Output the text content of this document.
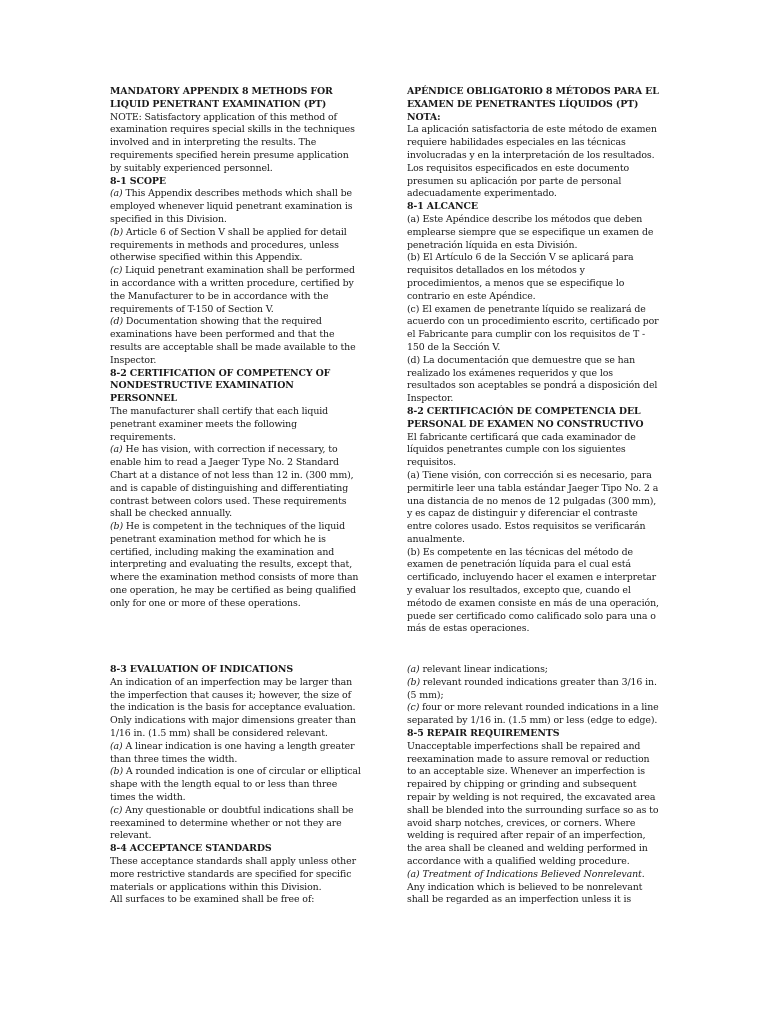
MANDATORY APPENDIX 8 METHODS FOR LIQUID PENETRANT EXAMINATION (PT)

NOTE: Satisfactory application of this method of examination requires special skills in the techniques involved and in interpreting the results. The requirements specified herein presume application by suitably experienced personnel.

8-1 SCOPE

(a) This Appendix describes methods which shall be employed whenever liquid penetrant examination is specified in this Division.

(b) Article 6 of Section V shall be applied for detail requirements in methods and procedures, unless otherwise specified within this Appendix.

(c) Liquid penetrant examination shall be performed in accordance with a written procedure, certified by the Manufacturer to be in accordance with the requirements of T-150 of Section V.

(d) Documentation showing that the required examinations have been performed and that the results are acceptable shall be made available to the Inspector.

8-2 CERTIFICATION OF COMPETENCY OF NONDESTRUCTIVE EXAMINATION PERSONNEL

The manufacturer shall certify that each liquid penetrant examiner meets the following requirements.

(a) He has vision, with correction if necessary, to enable him to read a Jaeger Type No. 2 Standard Chart at a distance of not less than 12 in. (300 mm), and is capable of distinguishing and differentiating contrast between colors used. These requirements shall be checked annually.

(b) He is competent in the techniques of the liquid penetrant examination method for which he is certified, including making the examination and interpreting and evaluating the results, except that, where the examination method consists of more than one operation, he may be certified as being qualified only for one or more of these operations.

APÉNDICE OBLIGATORIO 8 MÉTODOS PARA EL EXAMEN DE PENETRANTES LÍQUIDOS (PT)

NOTA:

La aplicación satisfactoria de este método de examen requiere habilidades especiales en las técnicas involucradas y en la interpretación de los resultados. Los requisitos especificados en este documento presumen su aplicación por parte de personal adecuadamente experimentado.

8-1 ALCANCE

(a) Este Apéndice describe los métodos que deben emplearse siempre que se especifique un examen de penetración líquida en esta División.

(b) El Artículo 6 de la Sección V se aplicará para requisitos detallados en los métodos y procedimientos, a menos que se especifique lo contrario en este Apéndice.

(c) El examen de penetrante líquido se realizará de acuerdo con un procedimiento escrito, certificado por el Fabricante para cumplir con los requisitos de T - 150 de la Sección V.

(d) La documentación que demuestre que se han realizado los exámenes requeridos y que los resultados son aceptables se pondrá a disposición del Inspector.

8-2 CERTIFICACIÓN DE COMPETENCIA DEL PERSONAL DE EXAMEN NO CONSTRUCTIVO

El fabricante certificará que cada examinador de líquidos penetrantes cumple con los siguientes requisitos.

(a) Tiene visión, con corrección si es necesario, para permitirle leer una tabla estándar Jaeger Tipo No. 2 a una distancia de no menos de 12 pulgadas (300 mm), y es capaz de distinguir y diferenciar el contraste entre colores usado. Estos requisitos se verificarán anualmente.

(b) Es competente en las técnicas del método de examen de penetración líquida para el cual está certificado, incluyendo hacer el examen e interpretar y evaluar los resultados, excepto que, cuando el método de examen consiste en más de una operación, puede ser certificado como calificado solo para una o más de estas operaciones.

8-3 EVALUATION OF INDICATIONS

An indication of an imperfection may be larger than the imperfection that causes it; however, the size of the indication is the basis for acceptance evaluation. Only indications with major dimensions greater than 1/16 in. (1.5 mm) shall be considered relevant.

(a) A linear indication is one having a length greater than three times the width.

(b) A rounded indication is one of circular or elliptical shape with the length equal to or less than three times the width.

(c) Any questionable or doubtful indications shall be reexamined to determine whether or not they are relevant.

8-4 ACCEPTANCE STANDARDS

These acceptance standards shall apply unless other more restrictive standards are specified for specific materials or applications within this Division.

All surfaces to be examined shall be free of:

(a) relevant linear indications;

(b) relevant rounded indications greater than 3/16 in. (5 mm);

(c) four or more relevant rounded indications in a line separated by 1/16 in. (1.5 mm) or less (edge to edge).

8-5 REPAIR REQUIREMENTS

Unacceptable imperfections shall be repaired and reexamination made to assure removal or reduction to an acceptable size. Whenever an imperfection is repaired by chipping or grinding and subsequent repair by welding is not required, the excavated area shall be blended into the surrounding surface so as to avoid sharp notches, crevices, or corners. Where welding is required after repair of an imperfection, the area shall be cleaned and welding performed in accordance with a qualified welding procedure.

(a) Treatment of Indications Believed Nonrelevant.

Any indication which is believed to be nonrelevant shall be regarded as an imperfection unless it is
